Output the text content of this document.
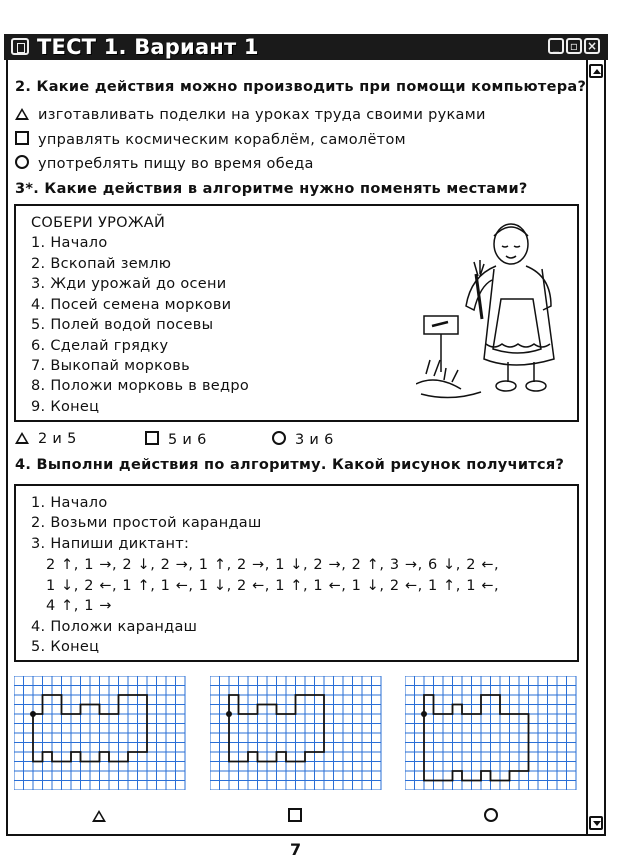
ТЕСТ 1. Вариант 1	_ ▫ ×
2. Какие действия можно производить при помощи компьютера?
изготавливать поделки на уроках труда своими руками
управлять космическим кораблём, самолётом
употреблять пищу во время обеда
3*. Какие действия в алгоритме нужно поменять местами?
СОБЕРИ УРОЖАЙ
1. Начало
2. Вскопай землю
3. Жди урожай до осени
4. Посей семена моркови
5. Полей водой посевы
6. Сделай грядку
7. Выкопай морковь
8. Положи морковь в ведро
9. Конец
2 и 5	5 и 6	3 и 6
4. Выполни действия по алгоритму. Какой рисунок получится?
1. Начало
2. Возьми простой карандаш
3. Напиши диктант:
2 ↑, 1 →, 2 ↓, 2 →, 1 ↑, 2 →, 1 ↓, 2 →, 2 ↑, 3 →, 6 ↓, 2 ←,
1 ↓, 2 ←, 1 ↑, 1 ←, 1 ↓, 2 ←, 1 ↑, 1 ←, 1 ↓, 2 ←, 1 ↑, 1 ←,
4 ↑, 1 →
4. Положи карандаш
5. Конец
7
